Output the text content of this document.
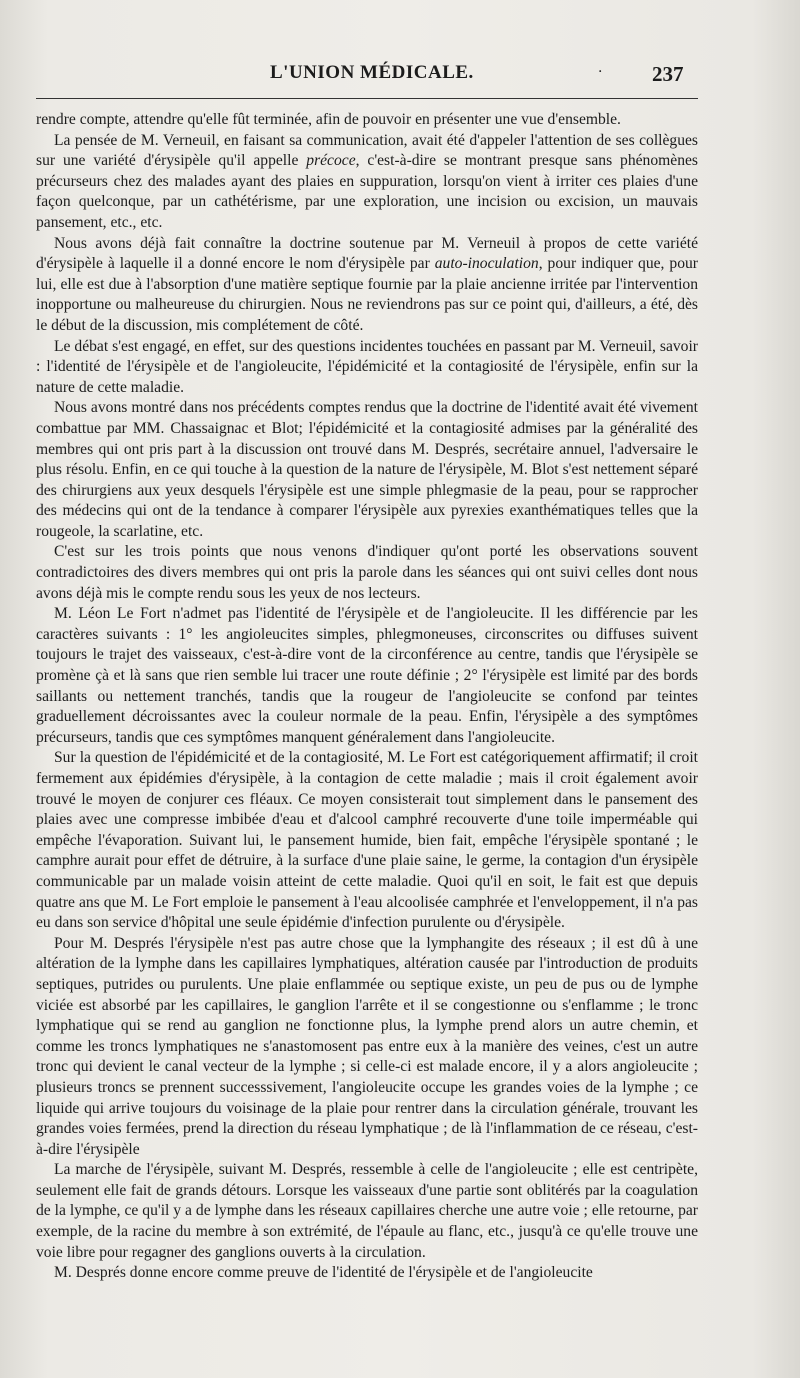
L'UNION MÉDICALE.	· 237

rendre compte, attendre qu'elle fût terminée, afin de pouvoir en présenter une vue d'ensemble.

La pensée de M. Verneuil, en faisant sa communication, avait été d'appeler l'attention de ses collègues sur une variété d'érysipèle qu'il appelle précoce, c'est-à-dire se montrant presque sans phénomènes précurseurs chez des malades ayant des plaies en suppuration, lorsqu'on vient à irriter ces plaies d'une façon quelconque, par un cathétérisme, par une exploration, une incision ou excision, un mauvais pansement, etc., etc.

Nous avons déjà fait connaître la doctrine soutenue par M. Verneuil à propos de cette variété d'érysipèle à laquelle il a donné encore le nom d'érysipèle par auto-inoculation, pour indiquer que, pour lui, elle est due à l'absorption d'une matière septique fournie par la plaie ancienne irritée par l'intervention inopportune ou malheureuse du chirurgien. Nous ne reviendrons pas sur ce point qui, d'ailleurs, a été, dès le début de la discussion, mis complétement de côté.

Le débat s'est engagé, en effet, sur des questions incidentes touchées en passant par M. Verneuil, savoir : l'identité de l'érysipèle et de l'angioleucite, l'épidémicité et la contagiosité de l'érysipèle, enfin sur la nature de cette maladie.

Nous avons montré dans nos précédents comptes rendus que la doctrine de l'identité avait été vivement combattue par MM. Chassaignac et Blot; l'épidémicité et la contagiosité admises par la généralité des membres qui ont pris part à la discussion ont trouvé dans M. Després, secrétaire annuel, l'adversaire le plus résolu. Enfin, en ce qui touche à la question de la nature de l'érysipèle, M. Blot s'est nettement séparé des chirurgiens aux yeux desquels l'érysipèle est une simple phlegmasie de la peau, pour se rapprocher des médecins qui ont de la tendance à comparer l'érysipèle aux pyrexies exanthématiques telles que la rougeole, la scarlatine, etc.

C'est sur les trois points que nous venons d'indiquer qu'ont porté les observations souvent contradictoires des divers membres qui ont pris la parole dans les séances qui ont suivi celles dont nous avons déjà mis le compte rendu sous les yeux de nos lecteurs.

M. Léon Le Fort n'admet pas l'identité de l'érysipèle et de l'angioleucite. Il les différencie par les caractères suivants : 1° les angioleucites simples, phlegmoneuses, circonscrites ou diffuses suivent toujours le trajet des vaisseaux, c'est-à-dire vont de la circonférence au centre, tandis que l'érysipèle se promène çà et là sans que rien semble lui tracer une route définie ; 2° l'érysipèle est limité par des bords saillants ou nettement tranchés, tandis que la rougeur de l'angioleucite se confond par teintes graduellement décroissantes avec la couleur normale de la peau. Enfin, l'érysipèle a des symptômes précurseurs, tandis que ces symptômes manquent généralement dans l'angioleucite.

Sur la question de l'épidémicité et de la contagiosité, M. Le Fort est catégoriquement affirmatif; il croit fermement aux épidémies d'érysipèle, à la contagion de cette maladie ; mais il croit également avoir trouvé le moyen de conjurer ces fléaux. Ce moyen consisterait tout simplement dans le pansement des plaies avec une compresse imbibée d'eau et d'alcool camphré recouverte d'une toile imperméable qui empêche l'évaporation. Suivant lui, le pansement humide, bien fait, empêche l'érysipèle spontané ; le camphre aurait pour effet de détruire, à la surface d'une plaie saine, le germe, la contagion d'un érysipèle communicable par un malade voisin atteint de cette maladie. Quoi qu'il en soit, le fait est que depuis quatre ans que M. Le Fort emploie le pansement à l'eau alcoolisée camphrée et l'enveloppement, il n'a pas eu dans son service d'hôpital une seule épidémie d'infection purulente ou d'érysipèle.

Pour M. Després l'érysipèle n'est pas autre chose que la lymphangite des réseaux ; il est dû à une altération de la lymphe dans les capillaires lymphatiques, altération causée par l'introduction de produits septiques, putrides ou purulents. Une plaie enflammée ou septique existe, un peu de pus ou de lymphe viciée est absorbé par les capillaires, le ganglion l'arrête et il se congestionne ou s'enflamme ; le tronc lymphatique qui se rend au ganglion ne fonctionne plus, la lymphe prend alors un autre chemin, et comme les troncs lymphatiques ne s'anastomosent pas entre eux à la manière des veines, c'est un autre tronc qui devient le canal vecteur de la lymphe ; si celle-ci est malade encore, il y a alors angioleucite ; plusieurs troncs se prennent successsivement, l'angioleucite occupe les grandes voies de la lymphe ; ce liquide qui arrive toujours du voisinage de la plaie pour rentrer dans la circulation générale, trouvant les grandes voies fermées, prend la direction du réseau lymphatique ; de là l'inflammation de ce réseau, c'est-à-dire l'érysipèle

La marche de l'érysipèle, suivant M. Després, ressemble à celle de l'angioleucite ; elle est centripète, seulement elle fait de grands détours. Lorsque les vaisseaux d'une partie sont oblitérés par la coagulation de la lymphe, ce qu'il y a de lymphe dans les réseaux capillaires cherche une autre voie ; elle retourne, par exemple, de la racine du membre à son extrémité, de l'épaule au flanc, etc., jusqu'à ce qu'elle trouve une voie libre pour regagner des ganglions ouverts à la circulation.

M. Després donne encore comme preuve de l'identité de l'érysipèle et de l'angioleucite
